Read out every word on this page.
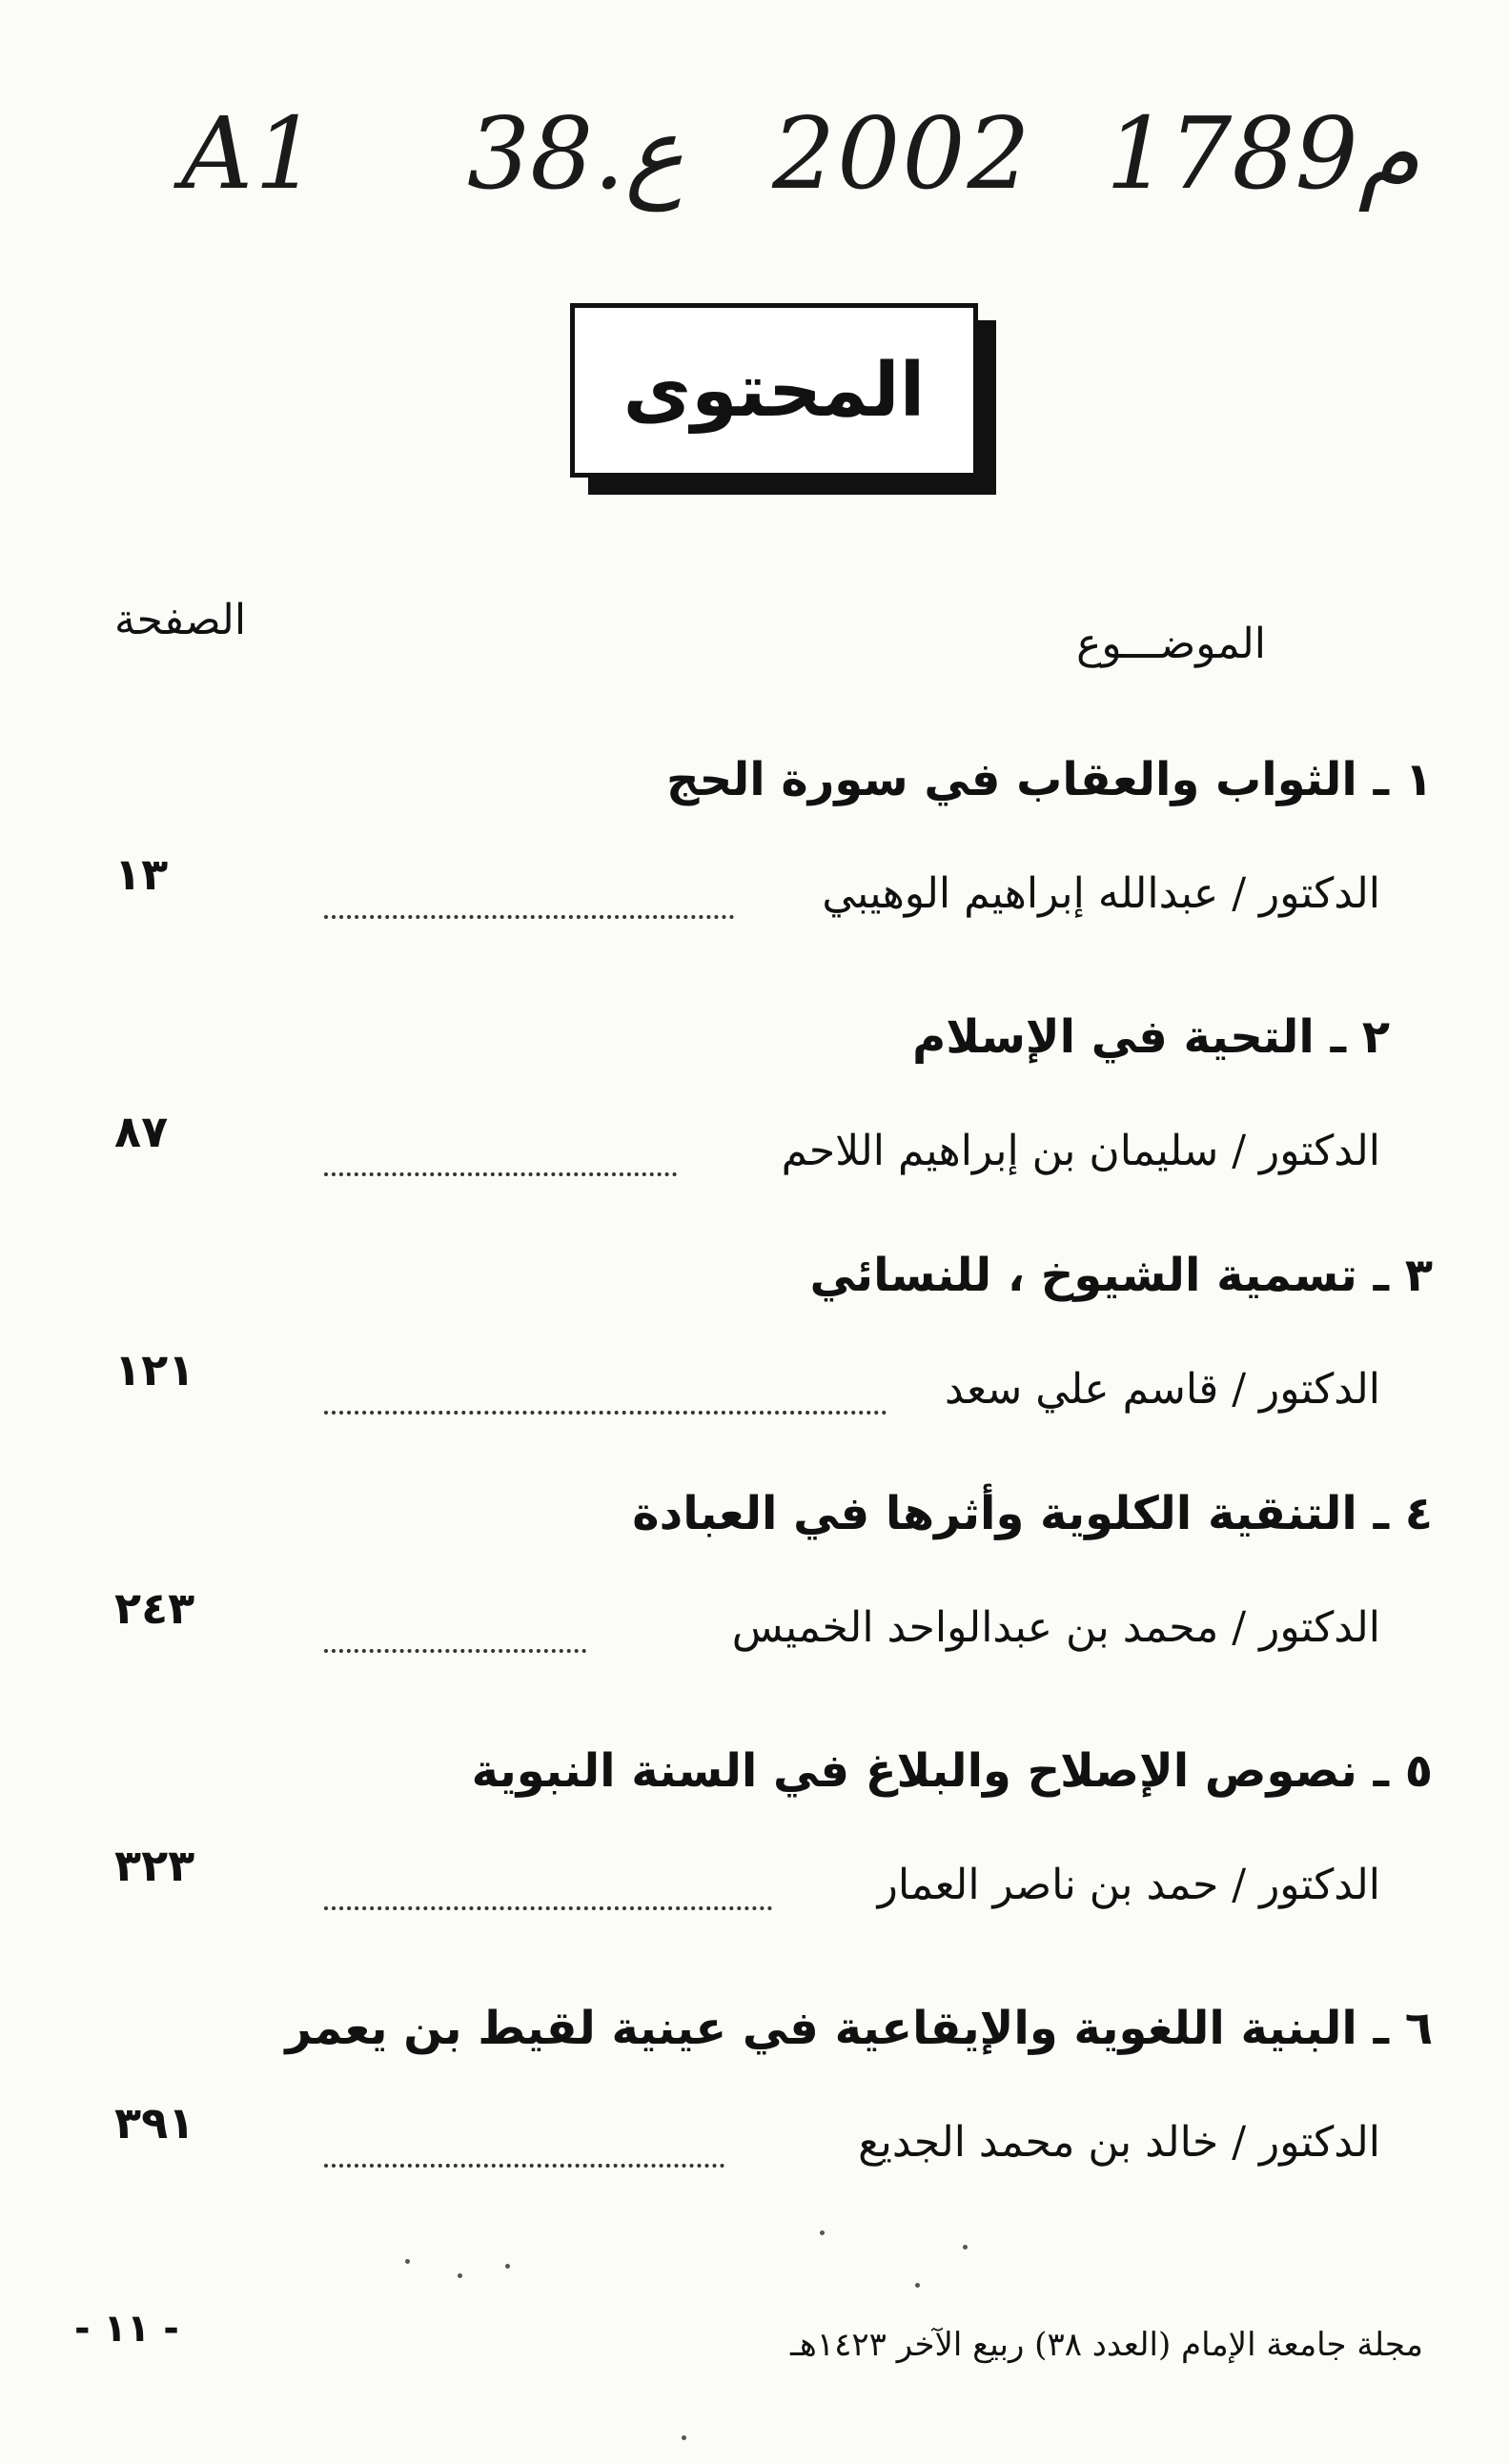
A1 38.ع 2002 1789م
المحتوى
الصفحة	الموضـــوع
١ ـ الثواب والعقاب في سورة الحج
الدكتور / عبدالله إبراهيم الوهيبي
١٣
٢ ـ التحية في الإسلام
الدكتور / سليمان بن إبراهيم اللاحم
٨٧
٣ ـ تسمية الشيوخ ، للنسائي
الدكتور / قاسم علي سعد
١٢١
٤ ـ التنقية الكلوية وأثرها في العبادة
الدكتور / محمد بن عبدالواحد الخميس
٢٤٣
٥ ـ نصوص الإصلاح والبلاغ في السنة النبوية
الدكتور / حمد بن ناصر العمار
٣٢٣
٦ ـ البنية اللغوية والإيقاعية في عينية لقيط بن يعمر
الدكتور / خالد بن محمد الجديع
٣٩١
- ١١ -	مجلة جامعة الإمام (العدد ٣٨) ربيع الآخر ١٤٢٣هـ
